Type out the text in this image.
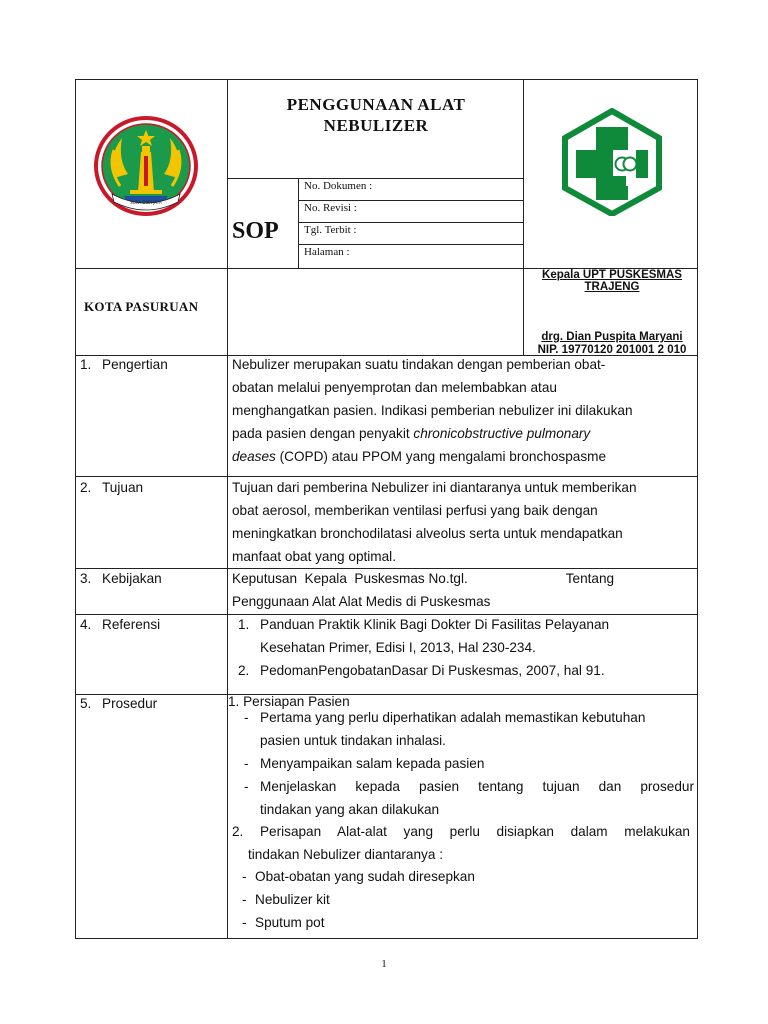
SURA DIRA JAYA
PENGGUNAAN ALAT
NEBULIZER
SOP
No. Dokumen :
No. Revisi :
Tgl. Terbit :
Halaman :
KOTA PASURUAN
Kepala UPT PUSKESMAS
TRAJENG
drg. Dian Puspita Maryani
NIP. 19770120 201001 2 010
1. Pengertian
2. Tujuan
3. Kebijakan
4. Referensi
5. Prosedur
Nebulizer merupakan suatu tindakan dengan pemberian obat-
obatan melalui penyemprotan dan melembabkan atau
menghangatkan pasien. Indikasi pemberian nebulizer ini dilakukan
pada pasien dengan penyakit chronicobstructive pulmonary
deases (COPD) atau PPOM yang mengalami bronchospasme
Tujuan dari pemberina Nebulizer ini diantaranya untuk memberikan
obat aerosol, memberikan ventilasi perfusi yang baik dengan
meningkatkan bronchodilatasi alveolus serta untuk mendapatkan
manfaat obat yang optimal.
Keputusan  Kepala  Puskesmas No.tgl.                          Tentang
Penggunaan Alat Alat Medis di Puskesmas
1. Panduan Praktik Klinik Bagi Dokter Di Fasilitas Pelayanan
Kesehatan Primer, Edisi I, 2013, Hal 230-234.
2. PedomanPengobatanDasar Di Puskesmas, 2007, hal 91.
1. Persiapan Pasien
- Pertama yang perlu diperhatikan adalah memastikan kebutuhan
pasien untuk tindakan inhalasi.
- Menyampaikan salam kepada pasien
- Menjelaskan kepada pasien tentang tujuan dan prosedur
tindakan yang akan dilakukan
2. Perisapan Alat-alat yang perlu disiapkan dalam melakukan
tindakan Nebulizer diantaranya :
- Obat-obatan yang sudah diresepkan
- Nebulizer kit
- Sputum pot
1
